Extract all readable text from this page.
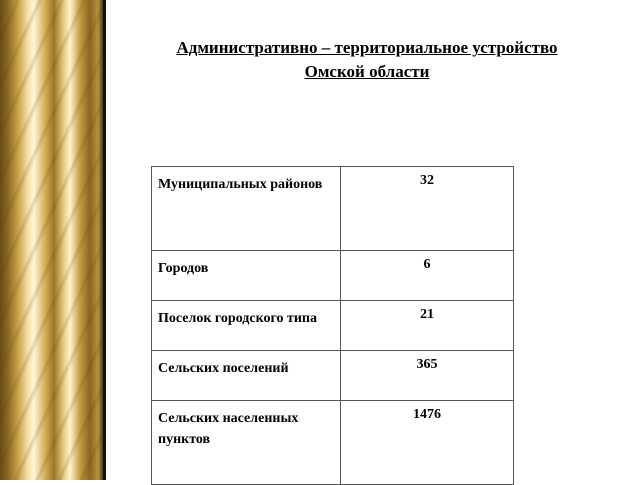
Административно – территориальное устройство
Омской области
Муниципальных районов	32
Городов	6
Поселок городского типа	21
Сельских поселений	365
Сельских населенных пунктов	1476
